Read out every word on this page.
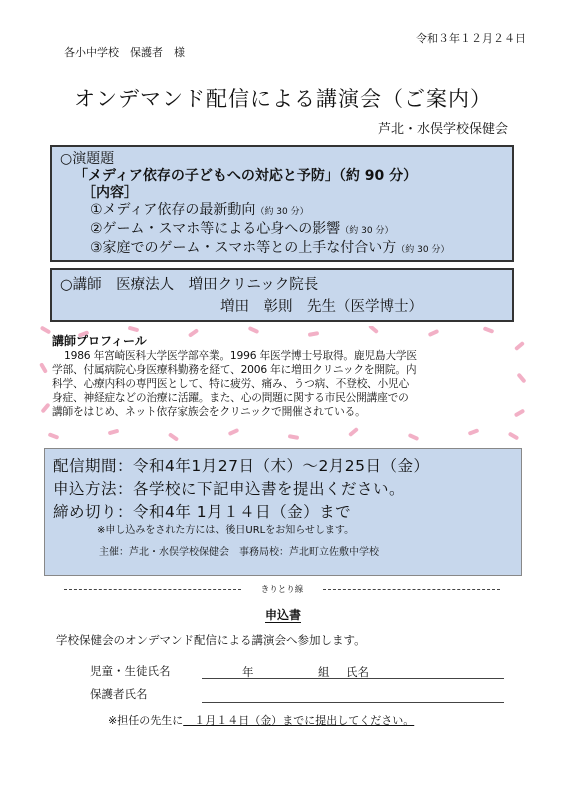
令和３年１２月２４日
各小中学校　保護者　様
オンデマンド配信による講演会（ご案内）
芦北・水俣学校保健会
○演題題
「メディア依存の子どもへの対応と予防」（約 90 分）
［内容］
①メディア依存の最新動向（約 30 分）
②ゲーム・スマホ等による心身への影響（約 30 分）
③家庭でのゲーム・スマホ等との上手な付合い方（約 30 分）
○講師　 医療法人　増田クリニック院長
増田　彰則　先生（医学博士）
講師プロフィール
1986 年宮崎医科大学医学部卒業。1996 年医学博士号取得。鹿児島大学医
学部、付属病院心身医療科勤務を経て、2006 年に増田クリニックを開院。内
科学、心療内科の専門医として、特に疲労、痛み、うつ病、不登校、小児心
身症、神経症などの治療に活躍。また、心の問題に関する市民公開講座での
講師をはじめ、ネット依存家族会をクリニックで開催されている。
配信期間：令和4年1月27日（木）～2月25日（金）
申込方法：各学校に下記申込書を提出ください。
締め切り：令和4年 1月１４日（金）まで
※申し込みをされた方には、後日URLをお知らせします。
主催：芦北・水俣学校保健会　事務局校：芦北町立佐敷中学校
きりとり線
申込書
学校保健会のオンデマンド配信による講演会へ参加します。
児童・生徒氏名	年	組 氏名
保護者氏名
※担任の先生に　１月１４日（金）までに提出してください。
